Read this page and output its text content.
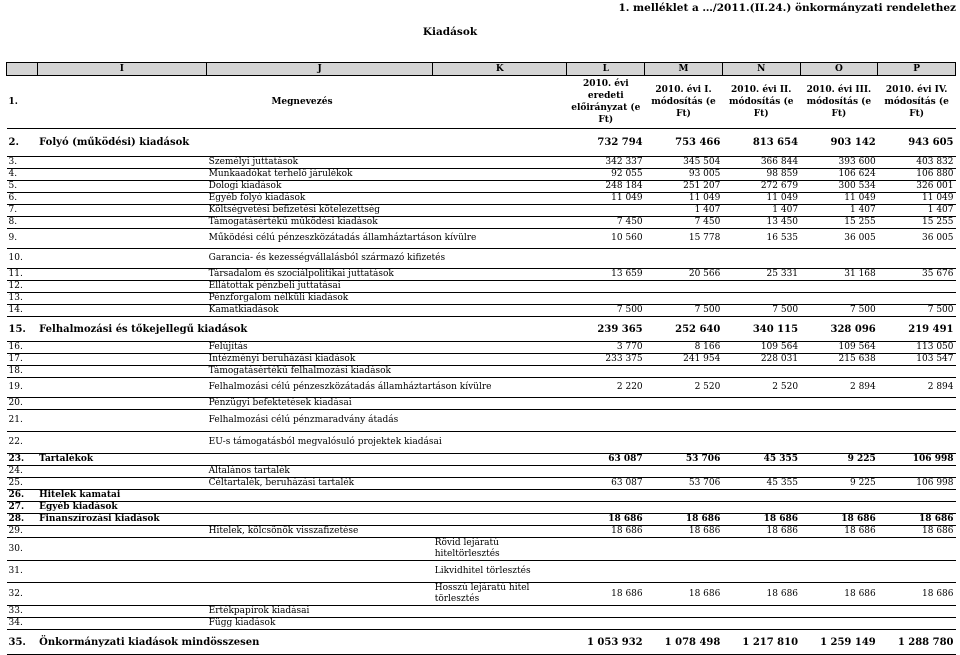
1. melléklet a …/2011.(II.24.) önkormányzati rendelethez
Kiadások
	I	J	K	L	M	N	O	P
1.	Megnevezés			2010. évi eredeti előirányzat (e Ft)	2010. évi I. módosítás (e Ft)	2010. évi II. módosítás (e Ft)	2010. évi III. módosítás (e Ft)	2010. évi IV. módosítás (e Ft)
2.	Folyó (működési) kiadások			732 794	753 466	813 654	903 142	943 605
3.		Személyi juttatások		342 337	345 504	366 844	393 600	403 832
4.		Munkaadókat terhelő járulékok		92 055	93 005	98 859	106 624	106 880
5.		Dologi kiadások		248 184	251 207	272 679	300 534	326 001
6.		Egyéb folyó kiadások		11 049	11 049	11 049	11 049	11 049
7.		Költségvetési befizetési kötelezettség			1 407	1 407	1 407	1 407
8.		Támogatásértékű működési kiadások		7 450	7 450	13 450	15 255	15 255
9.		Működési célú pénzeszközátadás államháztartáson kívülre		10 560	15 778	16 535	36 005	36 005
10.		Garancia- és kezességvállalásból származó kifizetés						
11.		Társadalom és szociálpolitikai juttatások		13 659	20 566	25 331	31 168	35 676
12.		Ellátottak pénzbeli juttatásai						
13.		Pénzforgalom nélküli kiadások						
14.		Kamatkiadások		7 500	7 500	7 500	7 500	7 500
15.	Felhalmozási és tőkejellegű kiadások			239 365	252 640	340 115	328 096	219 491
16.		Felújítás		3 770	8 166	109 564	109 564	113 050
17.		Intézményi beruházási kiadások		233 375	241 954	228 031	215 638	103 547
18.		Támogatásértékű felhalmozási kiadások						
19.		Felhalmozási célú pénzeszközátadás államháztartáson kívülre		2 220	2 520	2 520	2 894	2 894
20.		Pénzügyi befektetések kiadásai						
21.		Felhalmozási célú pénzmaradvány átadás						
22.		EU-s támogatásból megvalósuló projektek kiadásai						
23.	Tartalékok			63 087	53 706	45 355	9 225	106 998
24.		Általános tartalék						
25.		Céltartalék, beruházási tartalék		63 087	53 706	45 355	9 225	106 998
26.	Hitelek kamatai							
27.	Egyéb kiadások							
28.	Finanszírozási kiadások			18 686	18 686	18 686	18 686	18 686
29.		Hitelek, kölcsönök visszafizetése		18 686	18 686	18 686	18 686	18 686
30.			Rövid lejáratú hiteltörlesztés					
31.			Likvidhitel törlesztés					
32.			Hosszú lejáratú hitel törlesztés	18 686	18 686	18 686	18 686	18 686
33.		Értékpapírok kiadásai						
34.		Függ kiadások						
35.	Önkormányzati kiadások mindösszesen			1 053 932	1 078 498	1 217 810	1 259 149	1 288 780
